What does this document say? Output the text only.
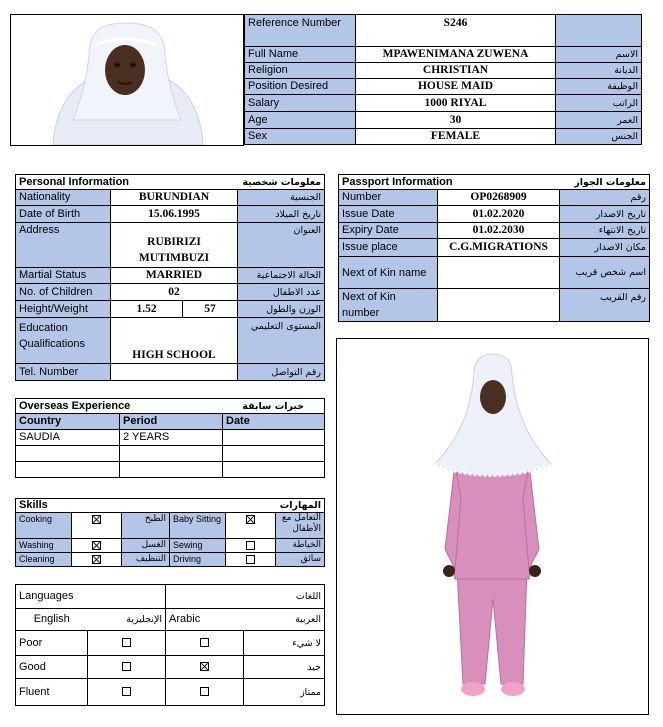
Reference Number	S246	
Full Name	MPAWENIMANA ZUWENA	الاسم
Religion	CHRISTIAN	الديانة
Position Desired	HOUSE MAID	الوظيفة
Salary	1000 RIYAL	الراتب
Age	30	العمر
Sex	FEMALE	الجنس
Personal Information		معلومات شخصية	
Nationality	BURUNDIAN		الجنسية
Date of Birth	15.06.1995		تاريخ الميلاد
Address	RUBIRIZI MUTIMBUZI		العنوان
Martial Status	MARRIED		الحالة الاجتماعية
No. of Children	02		عدد الاطفال
Height/Weight	1.52	57	الوزن والطول
Education Qualifications	HIGH SCHOOL		المستوى التعليمي
Tel. Number			رقم التواصل
Passport Information		معلومات الجواز
Number	OP0268909	رقم
Issue Date	01.02.2020	تاريخ الاصدار
Expiry Date	01.02.2030	تاريخ الانتهاء
Issue place	C.G.MIGRATIONS	مكان الاصدار
Next of Kin name		اسم شخص قريب
Next of Kin number		رقم القريب
Overseas Experience		خبرات سابقة
Country	Period	Date
SAUDIA	2 YEARS	

Skills			المهارات		
Cooking		الطبخ	Baby Sitting		التعامل مع الأطفال
Washing		الغسل	Sewing		الخياطة
Cleaning		التنظيف	Driving		سائق
Languages		اللغات	
English	الإنجليزية	Arabic	العربية
Poor			لا شيء
Good			جيد
Fluent			ممتاز
